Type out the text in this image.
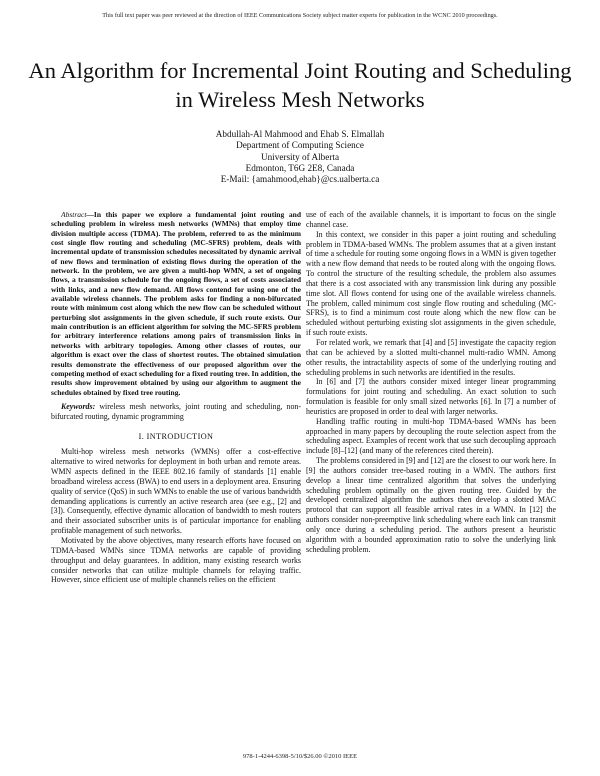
This full text paper was peer reviewed at the direction of IEEE Communications Society subject matter experts for publication in the WCNC 2010 proceedings.
An Algorithm for Incremental Joint Routing and Scheduling in Wireless Mesh Networks
Abdullah-Al Mahmood and Ehab S. Elmallah
Department of Computing Science
University of Alberta
Edmonton, T6G 2E8, Canada
E-Mail: {amahmood,ehab}@cs.ualberta.ca

Abstract—In this paper we explore a fundamental joint routing and scheduling problem in wireless mesh networks (WMNs) that employ time division multiple access (TDMA). The problem, referred to as the minimum cost single flow routing and scheduling (MC-SFRS) problem, deals with incremental update of transmission schedules necessitated by dynamic arrival of new flows and termination of existing flows during the operation of the network. In the problem, we are given a multi-hop WMN, a set of ongoing flows, a transmission schedule for the ongoing flows, a set of costs associated with links, and a new flow demand. All flows contend for using one of the available wireless channels. The problem asks for finding a non-bifurcated route with minimum cost along which the new flow can be scheduled without perturbing slot assignments in the given schedule, if such route exists. Our main contribution is an efficient algorithm for solving the MC-SFRS problem for arbitrary interference relations among pairs of transmission links in networks with arbitrary topologies. Among other classes of routes, our algorithm is exact over the class of shortest routes. The obtained simulation results demonstrate the effectiveness of our proposed algorithm over the competing method of exact scheduling for a fixed routing tree. In addition, the results show improvement obtained by using our algorithm to augment the schedules obtained by fixed tree routing.

Keywords: wireless mesh networks, joint routing and scheduling, non-bifurcated routing, dynamic programming

I. INTRODUCTION

Multi-hop wireless mesh networks (WMNs) offer a cost-effective alternative to wired networks for deployment in both urban and remote areas. WMN aspects defined in the IEEE 802.16 family of standards [1] enable broadband wireless access (BWA) to end users in a deployment area. Ensuring quality of service (QoS) in such WMNs to enable the use of various bandwidth demanding applications is currently an active research area (see e.g., [2] and [3]). Consequently, effective dynamic allocation of bandwidth to mesh routers and their associated subscriber units is of particular importance for enabling profitable management of such networks.

Motivated by the above objectives, many research efforts have focused on TDMA-based WMNs since TDMA networks are capable of providing throughput and delay guarantees. In addition, many existing research works consider networks that can utilize multiple channels for relaying traffic. However, since efficient use of multiple channels relies on the efficient

use of each of the available channels, it is important to focus on the single channel case.

In this context, we consider in this paper a joint routing and scheduling problem in TDMA-based WMNs. The problem assumes that at a given instant of time a schedule for routing some ongoing flows in a WMN is given together with a new flow demand that needs to be routed along with the ongoing flows. To control the structure of the resulting schedule, the problem also assumes that there is a cost associated with any transmission link during any possible time slot. All flows contend for using one of the available wireless channels. The problem, called minimum cost single flow routing and scheduling (MC-SFRS), is to find a minimum cost route along which the new flow can be scheduled without perturbing existing slot assignments in the given schedule, if such route exists.

For related work, we remark that [4] and [5] investigate the capacity region that can be achieved by a slotted multi-channel multi-radio WMN. Among other results, the intractability aspects of some of the underlying routing and scheduling problems in such networks are identified in the results.

In [6] and [7] the authors consider mixed integer linear programming formulations for joint routing and scheduling. An exact solution to such formulation is feasible for only small sized networks [6]. In [7] a number of heuristics are proposed in order to deal with larger networks.

Handling traffic routing in multi-hop TDMA-based WMNs has been approached in many papers by decoupling the route selection aspect from the scheduling aspect. Examples of recent work that use such decoupling approach include [8]–[12] (and many of the references cited therein).

The problems considered in [9] and [12] are the closest to our work here. In [9] the authors consider tree-based routing in a WMN. The authors first develop a linear time centralized algorithm that solves the underlying scheduling problem optimally on the given routing tree. Guided by the developed centralized algorithm the authors then develop a slotted MAC protocol that can support all feasible arrival rates in a WMN. In [12] the authors consider non-preemptive link scheduling where each link can transmit only once during a scheduling period. The authors present a heuristic algorithm with a bounded approximation ratio to solve the underlying link scheduling problem.

978-1-4244-6398-5/10/$26.00 ©2010 IEEE
